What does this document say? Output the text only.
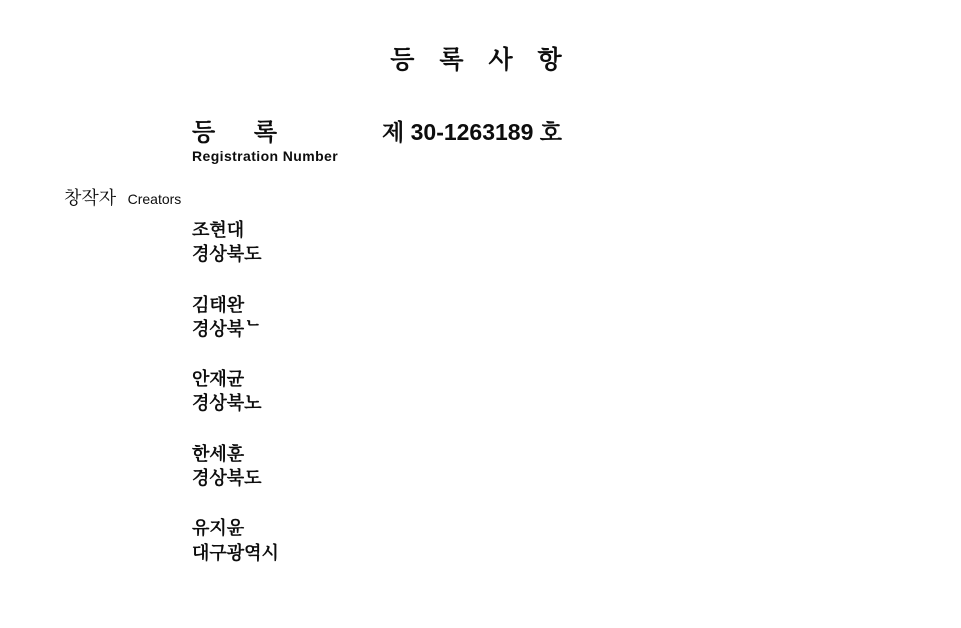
등 록 사 항
등 록	제 30-1263189 호
Registration Number
창작자 Creators
조현대
경상북도
김태완
경상북ᄂ
안재균
경상북노
한세훈
경상북도
유지윤
대구광역시
